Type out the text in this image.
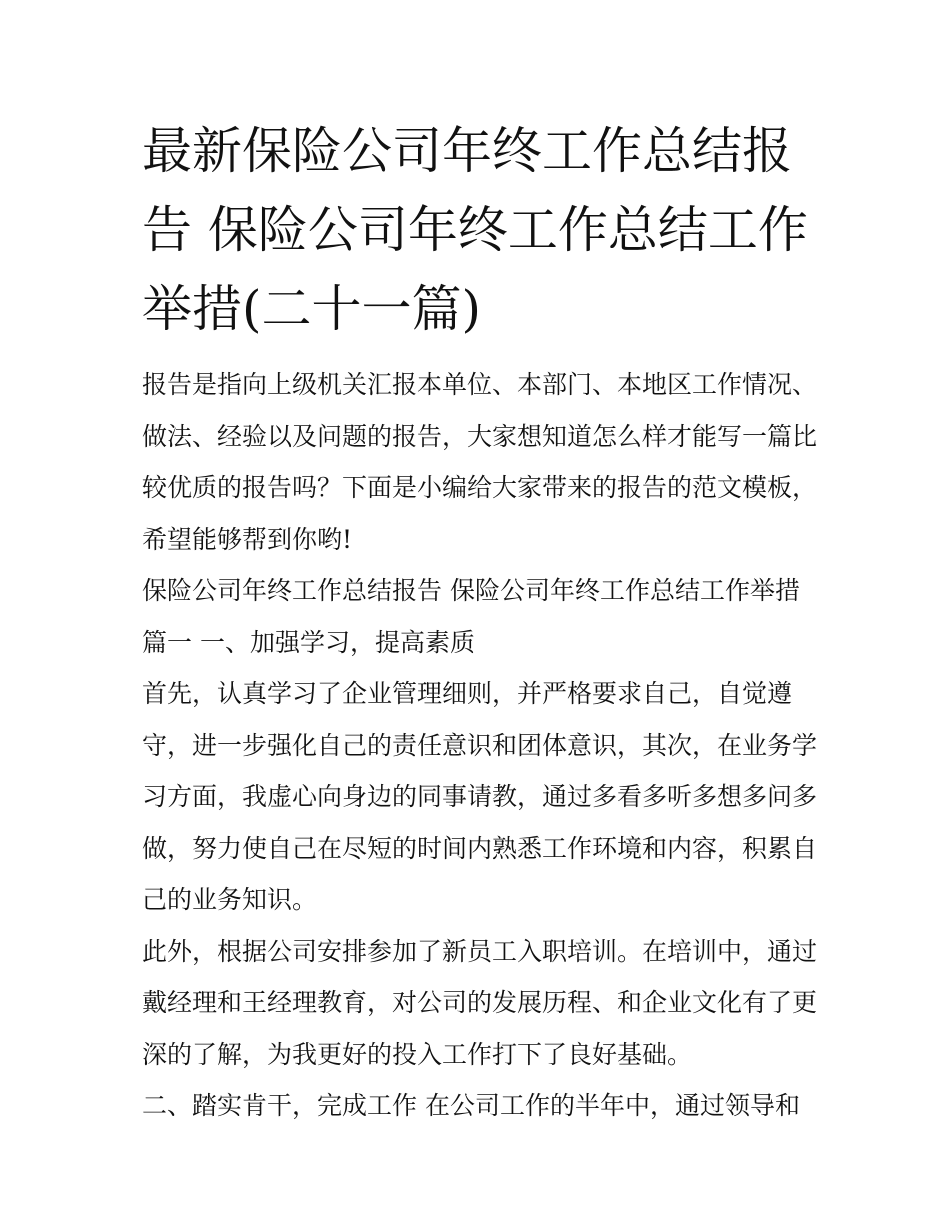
最新保险公司年终工作总结报
告 保险公司年终工作总结工作
举措(二十一篇)

报告是指向上级机关汇报本单位、本部门、本地区工作情况、做法、经验以及问题的报告，大家想知道怎么样才能写一篇比较优质的报告吗？下面是小编给大家带来的报告的范文模板，希望能够帮到你哟!

保险公司年终工作总结报告 保险公司年终工作总结工作举措

篇一 一、加强学习，提高素质

首先，认真学习了企业管理细则，并严格要求自己，自觉遵守，进一步强化自己的责任意识和团体意识，其次，在业务学习方面，我虚心向身边的同事请教，通过多看多听多想多问多做，努力使自己在尽短的时间内熟悉工作环境和内容，积累自己的业务知识。

此外，根据公司安排参加了新员工入职培训。在培训中，通过戴经理和王经理教育，对公司的发展历程、和企业文化有了更深的了解，为我更好的投入工作打下了良好基础。

二、踏实肯干，完成工作 在公司工作的半年中，通过领导和
